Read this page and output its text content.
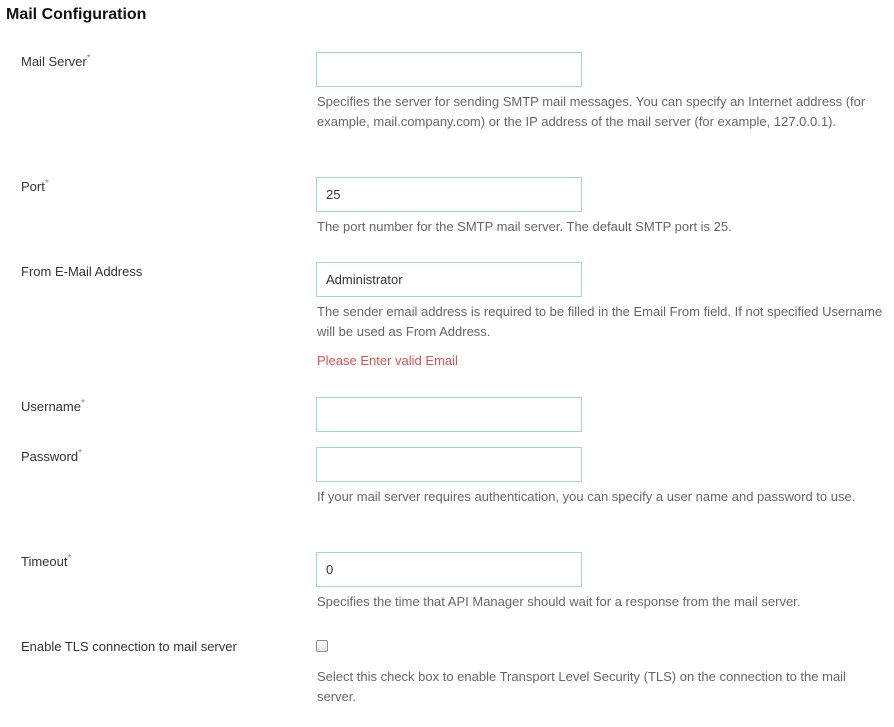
Mail Configuration
Mail Server*
Specifies the server for sending SMTP mail messages. You can specify an Internet address (for example, mail.company.com) or the IP address of the mail server (for example, 127.0.0.1).
Port*
25
The port number for the SMTP mail server. The default SMTP port is 25.
From E-Mail Address
Administrator
The sender email address is required to be filled in the Email From field. If not specified Username will be used as From Address.
Please Enter valid Email
Username*
Password*
If your mail server requires authentication, you can specify a user name and password to use.
Timeout*
0
Specifies the time that API Manager should wait for a response from the mail server.
Enable TLS connection to mail server
Select this check box to enable Transport Level Security (TLS) on the connection to the mail server.
